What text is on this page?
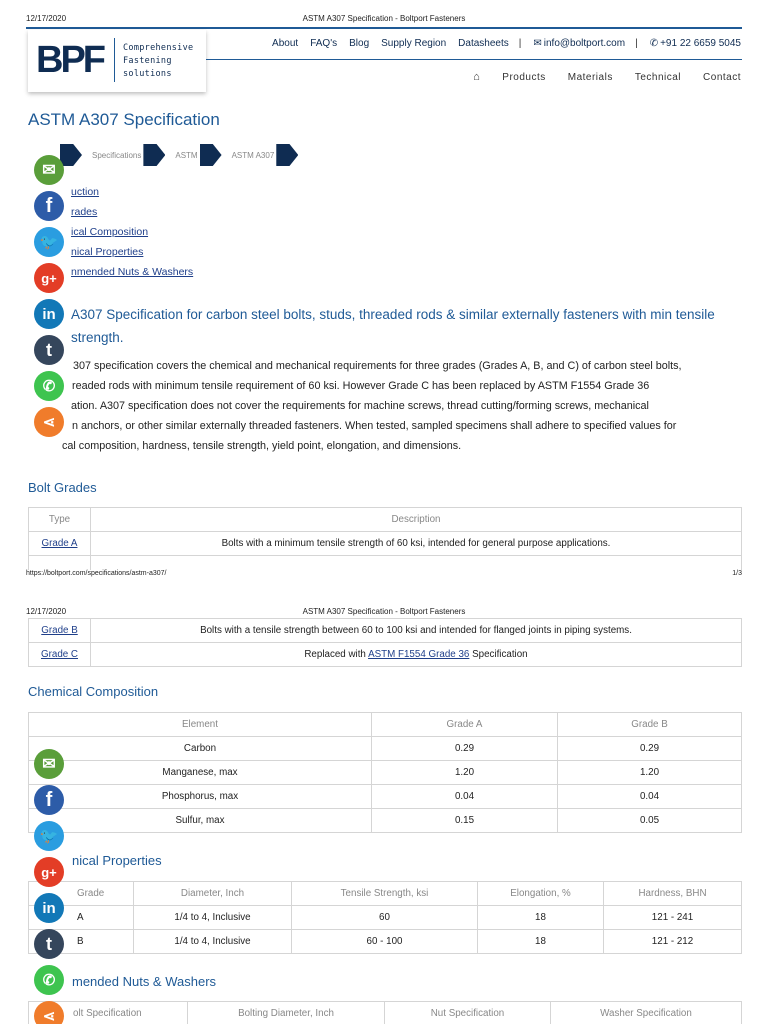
12/17/2020	ASTM A307 Specification - Boltport Fasteners
BPF Comprehensive
Fastening
solutions
About FAQ's Blog Supply Region Datasheets | ✉ info@boltport.com | ✆ +91 22 6659 5045
⌂ Products Materials Technical Contact
ASTM A307 Specification
Specifications	ASTM	ASTM A307
uction
rades
ical Composition
nical Properties
nmended Nuts & Washers
A307 Specification for carbon steel bolts, studs, threaded rods & similar externally fasteners with min tensile strength.

307 specification covers the chemical and mechanical requirements for three grades (Grades A, B, and C) of carbon steel bolts,
readed rods with minimum tensile requirement of 60 ksi. However Grade C has been replaced by ASTM F1554 Grade 36
ation. A307 specification does not cover the requirements for machine screws, thread cutting/forming screws, mechanical
n anchors, or other similar externally threaded fasteners. When tested, sampled specimens shall adhere to specified values for
cal composition, hardness, tensile strength, yield point, elongation, and dimensions.

Bolt Grades
Type	Description
Grade A	Bolts with a minimum tensile strength of 60 ksi, intended for general purpose applications.

https://boltport.com/specifications/astm-a307/	1/3
12/17/2020	ASTM A307 Specification - Boltport Fasteners
Grade B	Bolts with a tensile strength between 60 to 100 ksi and intended for flanged joints in piping systems.
Grade C	Replaced with ASTM F1554 Grade 36 Specification
Chemical Composition
Element	Grade A	Grade B
Carbon	0.29	0.29
Manganese, max	1.20	1.20
Phosphorus, max	0.04	0.04
Sulfur, max	0.15	0.05
nical Properties
Grade	Diameter, Inch	Tensile Strength, ksi	Elongation, %	Hardness, BHN
A	1/4 to 4, Inclusive	60	18	121 - 241
B	1/4 to 4, Inclusive	60 - 100	18	121 - 212
mended Nuts & Washers
olt Specification	Bolting Diameter, Inch	Nut Specification	Washer Specification
✉
f
🐦
g+
in
t
✆
⋖
✉
f
🐦
g+
in
t
✆
⋖
